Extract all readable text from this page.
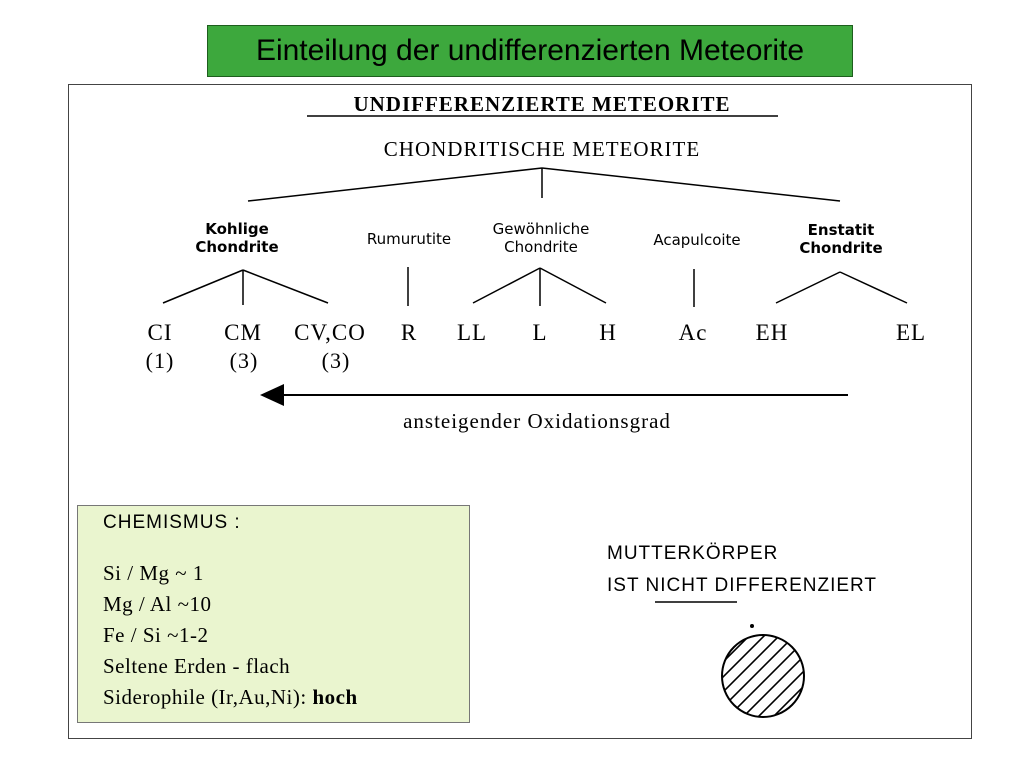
Einteilung der undifferenzierten Meteorite
UNDIFFERENZIERTE METEORITE
CHONDRITISCHE METEORITE
Kohlige
Chondrite	Rumurutite
Gewöhnliche
Chondrite	Acapulcoite
Enstatit
Chondrite
CI CM CV,CO R LL L H	Ac EH	EL
(1)	(3)	(3)
ansteigender Oxidationsgrad
CHEMISMUS :
Si / Mg ~ 1
Mg / Al ~10
Fe / Si ~1-2
Seltene Erden - flach
Siderophile (Ir,Au,Ni): hoch
MUTTERKÖRPER
IST NICHT DIFFERENZIERT
